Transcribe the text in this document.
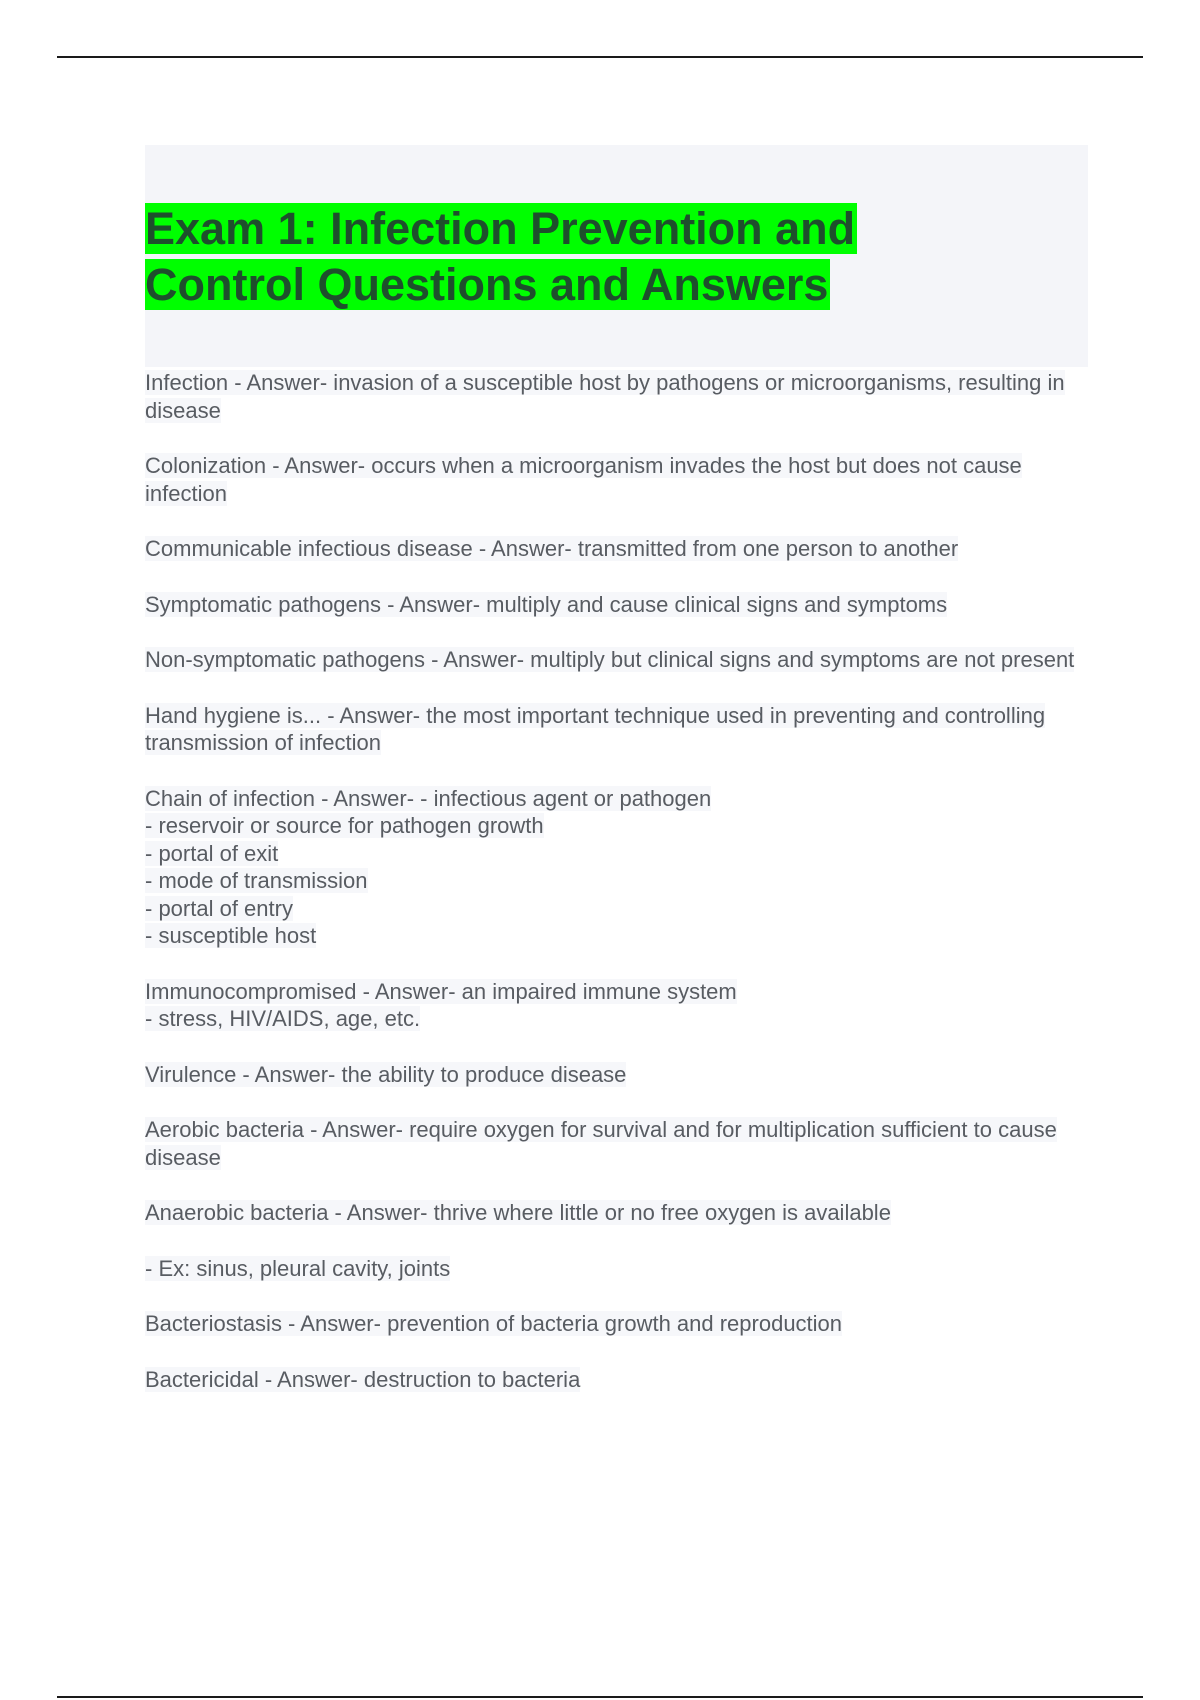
Exam 1: Infection Prevention and
Control Questions and Answers

Infection - Answer- invasion of a susceptible host by pathogens or microorganisms, resulting in disease

Colonization - Answer- occurs when a microorganism invades the host but does not cause infection

Communicable infectious disease - Answer- transmitted from one person to another

Symptomatic pathogens - Answer- multiply and cause clinical signs and symptoms

Non-symptomatic pathogens - Answer- multiply but clinical signs and symptoms are not present

Hand hygiene is... - Answer- the most important technique used in preventing and controlling transmission of infection

Chain of infection - Answer- - infectious agent or pathogen
- reservoir or source for pathogen growth
- portal of exit
- mode of transmission
- portal of entry
- susceptible host

Immunocompromised - Answer- an impaired immune system
- stress, HIV/AIDS, age, etc.

Virulence - Answer- the ability to produce disease

Aerobic bacteria - Answer- require oxygen for survival and for multiplication sufficient to cause disease

Anaerobic bacteria - Answer- thrive where little or no free oxygen is available

- Ex: sinus, pleural cavity, joints

Bacteriostasis - Answer- prevention of bacteria growth and reproduction

Bactericidal - Answer- destruction to bacteria
